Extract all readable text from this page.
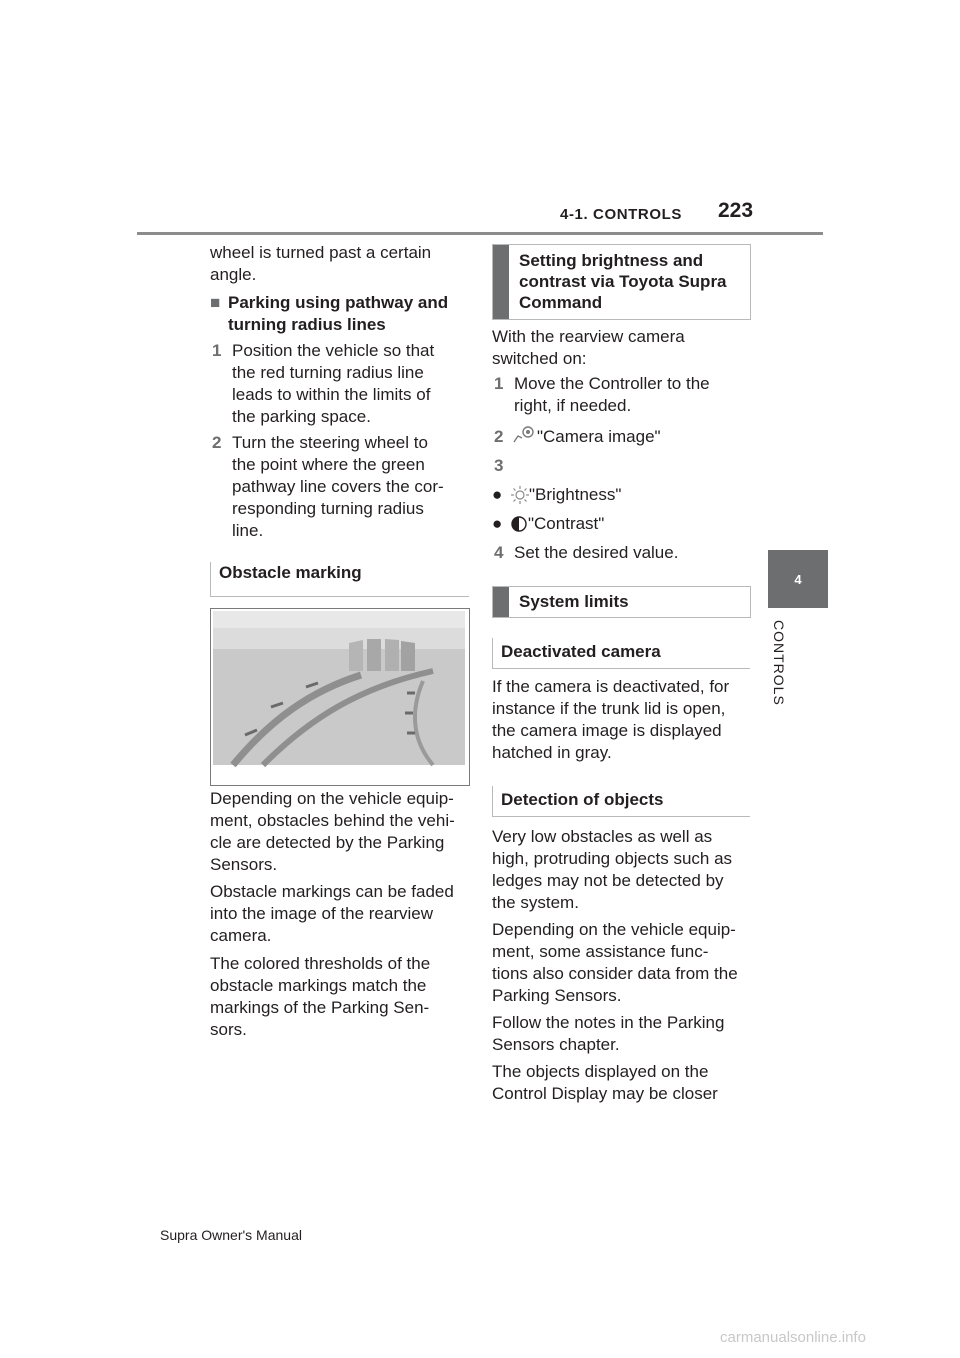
4-1. CONTROLS 223
4
CONTROLS

wheel is turned past a certain

angle.

■ Parking using pathway and
turning radius lines
1 Position the vehicle so that
the red turning radius line
leads to within the limits of
the parking space.
2 Turn the steering wheel to
the point where the green
pathway line covers the cor-
responding turning radius
line.
Obstacle marking

Depending on the vehicle equip-

ment, obstacles behind the vehi-

cle are detected by the Parking

Sensors.

Obstacle markings can be faded

into the image of the rearview

camera.

The colored thresholds of the

obstacle markings match the

markings of the Parking Sen-

sors.

Setting brightness and
contrast via Toyota Supra
Command

With the rearview camera

switched on:

1 Move the Controller to the
right, if needed.
2 "Camera image"
3
● "Brightness"
● "Contrast"
4 Set the desired value.
System limits
Deactivated camera

If the camera is deactivated, for

instance if the trunk lid is open,

the camera image is displayed

hatched in gray.

Detection of objects

Very low obstacles as well as

high, protruding objects such as

ledges may not be detected by

the system.

Depending on the vehicle equip-

ment, some assistance func-

tions also consider data from the

Parking Sensors.

Follow the notes in the Parking

Sensors chapter.

The objects displayed on the

Control Display may be closer

Supra Owner's Manual
carmanualsonline.info
